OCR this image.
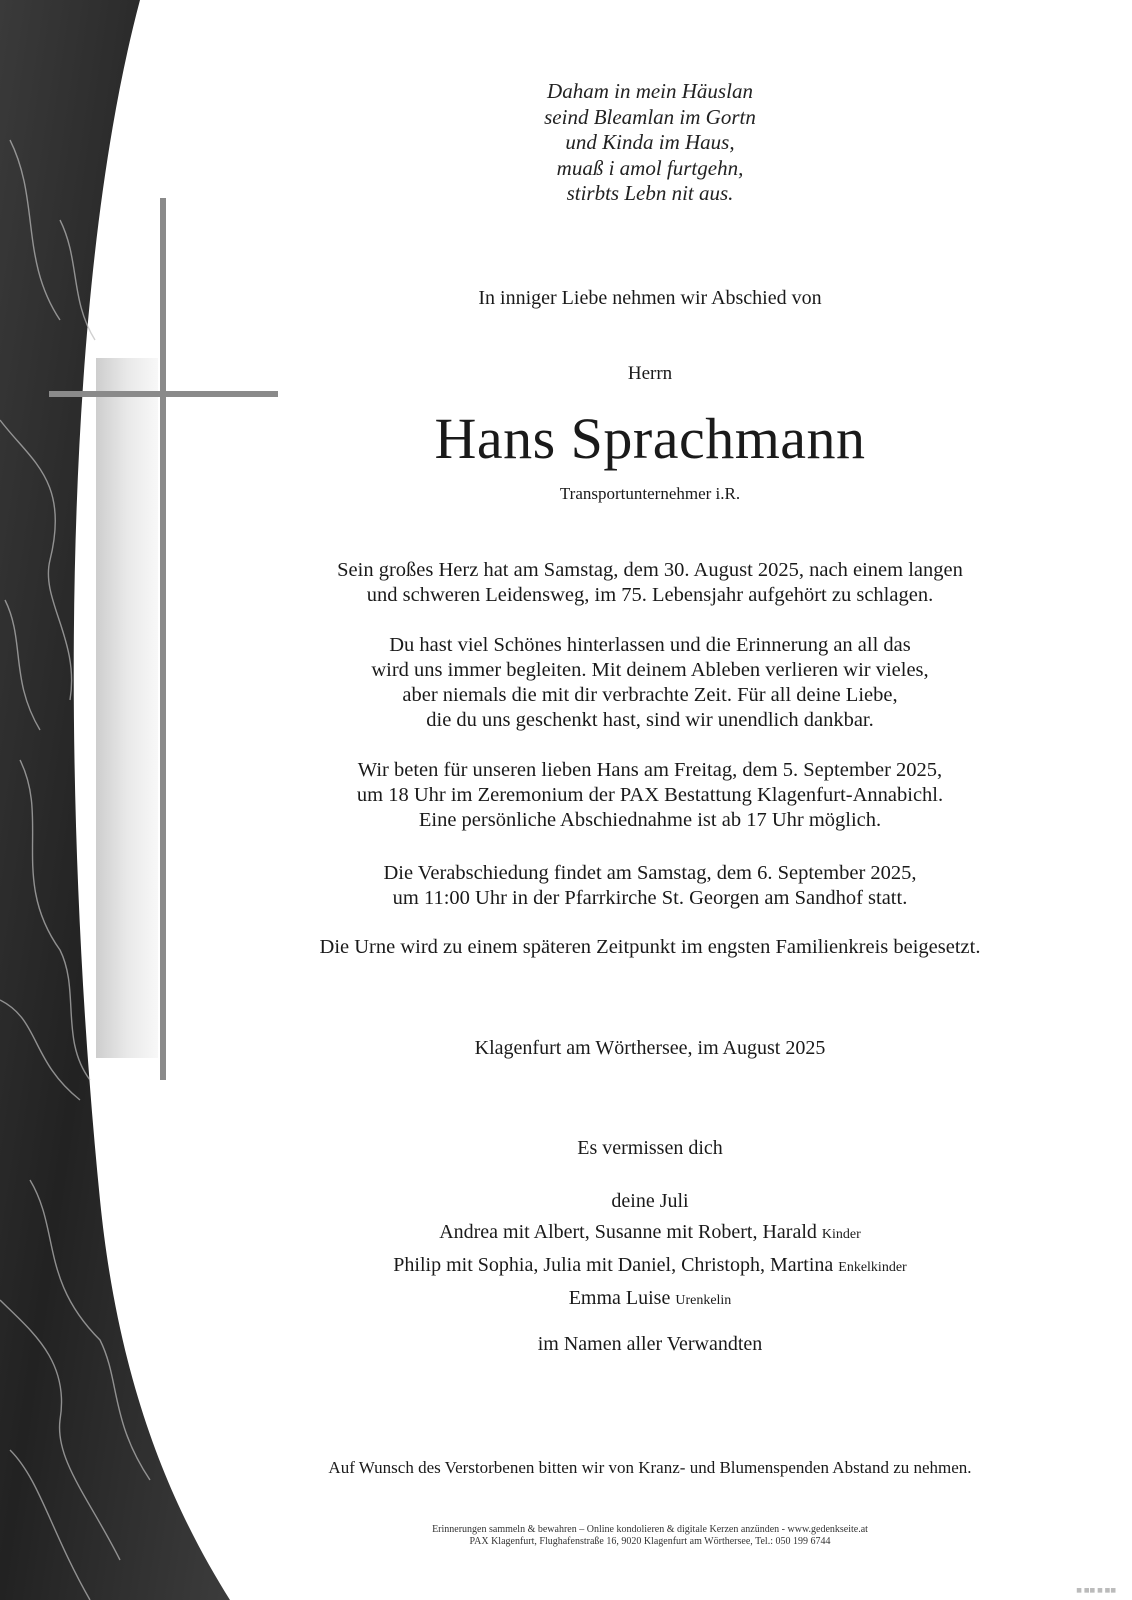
Daham in mein Häuslan
seind Bleamlan im Gortn
und Kinda im Haus,
muaß i amol furtgehn,
stirbts Lebn nit aus.
In inniger Liebe nehmen wir Abschied von
Herrn
Hans Sprachmann
Transportunternehmer i.R.
Sein großes Herz hat am Samstag, dem 30. August 2025, nach einem langen
und schweren Leidensweg, im 75. Lebensjahr aufgehört zu schlagen.
Du hast viel Schönes hinterlassen und die Erinnerung an all das
wird uns immer begleiten. Mit deinem Ableben verlieren wir vieles,
aber niemals die mit dir verbrachte Zeit. Für all deine Liebe,
die du uns geschenkt hast, sind wir unendlich dankbar.
Wir beten für unseren lieben Hans am Freitag, dem 5. September 2025,
um 18 Uhr im Zeremonium der PAX Bestattung Klagenfurt-Annabichl.
Eine persönliche Abschiednahme ist ab 17 Uhr möglich.
Die Verabschiedung findet am Samstag, dem 6. September 2025,
um 11:00 Uhr in der Pfarrkirche St. Georgen am Sandhof statt.
Die Urne wird zu einem späteren Zeitpunkt im engsten Familienkreis beigesetzt.
Klagenfurt am Wörthersee, im August 2025
Es vermissen dich
deine Juli
Andrea mit Albert, Susanne mit Robert, Harald Kinder
Philip mit Sophia, Julia mit Daniel, Christoph, Martina Enkelkinder
Emma Luise Urenkelin
im Namen aller Verwandten
Auf Wunsch des Verstorbenen bitten wir von Kranz- und Blumenspenden Abstand zu nehmen.
Erinnerungen sammeln & bewahren – Online kondolieren & digitale Kerzen anzünden - www.gedenkseite.at
PAX Klagenfurt, Flughafenstraße 16, 9020 Klagenfurt am Wörthersee, Tel.: 050 199 6744
■ ■■ ■ ■■
